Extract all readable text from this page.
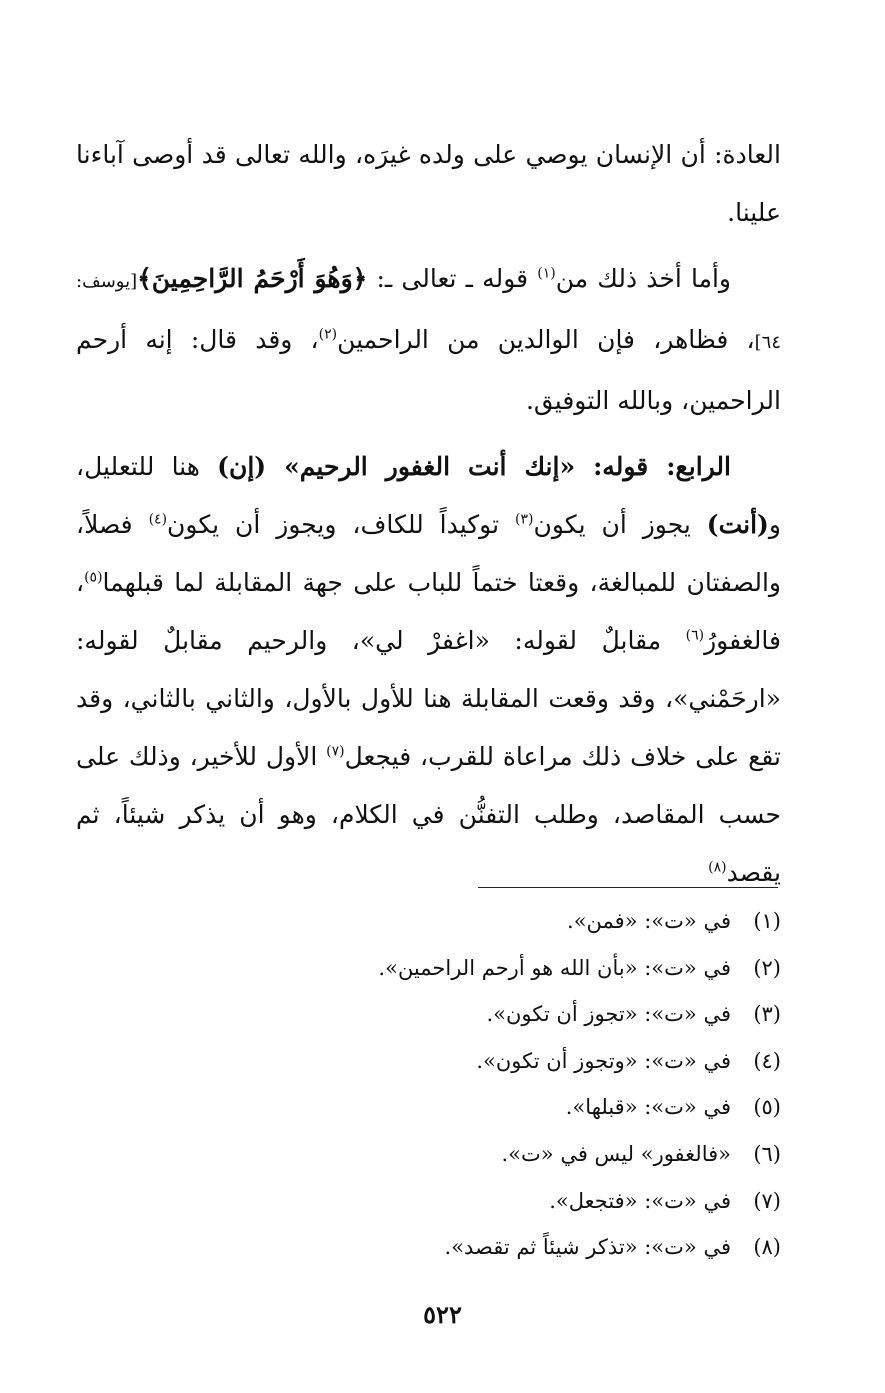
العادة: أن الإنسان يوصي على ولده غيرَه، والله تعالى قد أوصى آباءنا علينا.

وأما أخذ ذلك من$^{(١)}$ قوله ـ تعالى ـ: ﴿وَهُوَ أَرْحَمُ الرَّاحِمِينَ﴾[يوسف: ٦٤]، فظاهر، فإن الوالدين من الراحمين$^{(٢)}$، وقد قال: إنه أرحم الراحمين، وبالله التوفيق.

الرابع: قوله: «إنك أنت الغفور الرحيم» (إن) هنا للتعليل، و(أنت) يجوز أن يكون$^{(٣)}$ توكيداً للكاف، ويجوز أن يكون$^{(٤)}$ فصلاً، والصفتان للمبالغة، وقعتا ختماً للباب على جهة المقابلة لما قبلهما$^{(٥)}$، فالغفورُ$^{(٦)}$ مقابلٌ لقوله: «اغفرْ لي»، والرحيم مقابلٌ لقوله: «ارحَمْني»، وقد وقعت المقابلة هنا للأول بالأول، والثاني بالثاني، وقد تقع على خلاف ذلك مراعاة للقرب، فيجعل$^{(٧)}$ الأول للأخير، وذلك على حسب المقاصد، وطلب التفنُّن في الكلام، وهو أن يذكر شيئاً، ثم يقصد$^{(٨)}$

(١)في «ت»: «فمن».
(٢)في «ت»: «بأن الله هو أرحم الراحمين».
(٣)في «ت»: «تجوز أن تكون».
(٤)في «ت»: «وتجوز أن تكون».
(٥)في «ت»: «قبلها».
(٦)«فالغفور» ليس في «ت».
(٧)في «ت»: «فتجعل».
(٨)في «ت»: «تذكر شيئاً ثم تقصد».
٥٢٢
